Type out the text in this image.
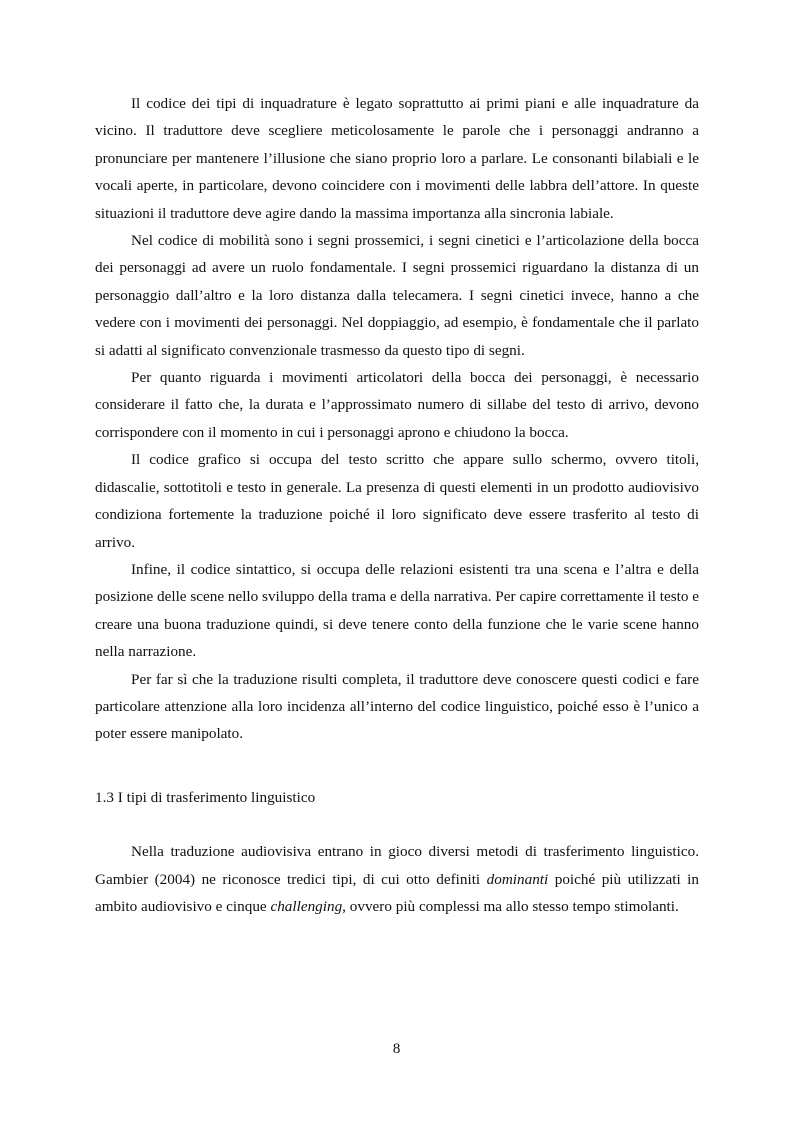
Il codice dei tipi di inquadrature è legato soprattutto ai primi piani e alle inquadrature da vicino. Il traduttore deve scegliere meticolosamente le parole che i personaggi andranno a pronunciare per mantenere l’illusione che siano proprio loro a parlare. Le consonanti bilabiali e le vocali aperte, in particolare, devono coincidere con i movimenti delle labbra dell’attore. In queste situazioni il traduttore deve agire dando la massima importanza alla sincronia labiale.

Nel codice di mobilità sono i segni prossemici, i segni cinetici e l’articolazione della bocca dei personaggi ad avere un ruolo fondamentale. I segni prossemici riguardano la distanza di un personaggio dall’altro e la loro distanza dalla telecamera. I segni cinetici invece, hanno a che vedere con i movimenti dei personaggi. Nel doppiaggio, ad esempio, è fondamentale che il parlato si adatti al significato convenzionale trasmesso da questo tipo di segni.

Per quanto riguarda i movimenti articolatori della bocca dei personaggi, è necessario considerare il fatto che, la durata e l’approssimato numero di sillabe del testo di arrivo, devono corrispondere con il momento in cui i personaggi aprono e chiudono la bocca.

Il codice grafico si occupa del testo scritto che appare sullo schermo, ovvero titoli, didascalie, sottotitoli e testo in generale. La presenza di questi elementi in un prodotto audiovisivo condiziona fortemente la traduzione poiché il loro significato deve essere trasferito al testo di arrivo.

Infine, il codice sintattico, si occupa delle relazioni esistenti tra una scena e l’altra e della posizione delle scene nello sviluppo della trama e della narrativa. Per capire correttamente il testo e creare una buona traduzione quindi, si deve tenere conto della funzione che le varie scene hanno nella narrazione.

Per far sì che la traduzione risulti completa, il traduttore deve conoscere questi codici e fare particolare attenzione alla loro incidenza all’interno del codice linguistico, poiché esso è l’unico a poter essere manipolato.

1.3 I tipi di trasferimento linguistico

Nella traduzione audiovisiva entrano in gioco diversi metodi di trasferimento linguistico. Gambier (2004) ne riconosce tredici tipi, di cui otto definiti dominanti poiché più utilizzati in ambito audiovisivo e cinque challenging, ovvero più complessi ma allo stesso tempo stimolanti.

8
